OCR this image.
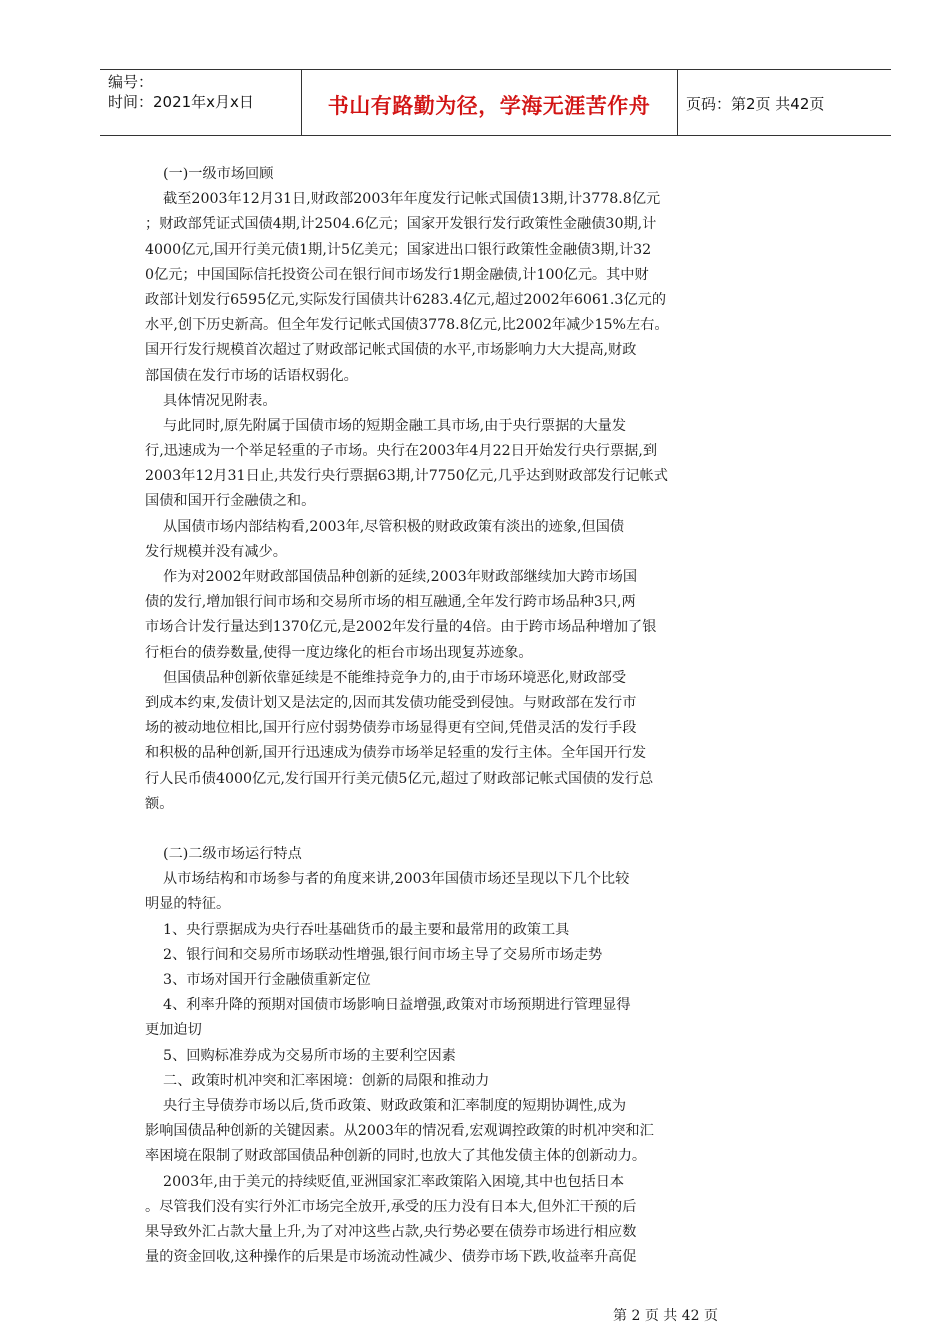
编号：
时间：2021年x月x日	书山有路勤为径，学海无涯苦作舟	页码：第2页 共42页
(一)一级市场回顾
截至2003年12月31日,财政部2003年年度发行记帐式国债13期,计3778.8亿元
；财政部凭证式国债4期,计2504.6亿元；国家开发银行发行政策性金融债30期,计
4000亿元,国开行美元债1期,计5亿美元；国家进出口银行政策性金融债3期,计32
0亿元；中国国际信托投资公司在银行间市场发行1期金融债,计100亿元。其中财
政部计划发行6595亿元,实际发行国债共计6283.4亿元,超过2002年6061.3亿元的
水平,创下历史新高。但全年发行记帐式国债3778.8亿元,比2002年减少15%左右。
国开行发行规模首次超过了财政部记帐式国债的水平,市场影响力大大提高,财政
部国债在发行市场的话语权弱化。
具体情况见附表。
与此同时,原先附属于国债市场的短期金融工具市场,由于央行票据的大量发
行,迅速成为一个举足轻重的子市场。央行在2003年4月22日开始发行央行票据,到
2003年12月31日止,共发行央行票据63期,计7750亿元,几乎达到财政部发行记帐式
国债和国开行金融债之和。
从国债市场内部结构看,2003年,尽管积极的财政政策有淡出的迹象,但国债
发行规模并没有减少。
作为对2002年财政部国债品种创新的延续,2003年财政部继续加大跨市场国
债的发行,增加银行间市场和交易所市场的相互融通,全年发行跨市场品种3只,两
市场合计发行量达到1370亿元,是2002年发行量的4倍。由于跨市场品种增加了银
行柜台的债券数量,使得一度边缘化的柜台市场出现复苏迹象。
但国债品种创新依靠延续是不能维持竞争力的,由于市场环境恶化,财政部受
到成本约束,发债计划又是法定的,因而其发债功能受到侵蚀。与财政部在发行市
场的被动地位相比,国开行应付弱势债券市场显得更有空间,凭借灵活的发行手段
和积极的品种创新,国开行迅速成为债券市场举足轻重的发行主体。全年国开行发
行人民币债4000亿元,发行国开行美元债5亿元,超过了财政部记帐式国债的发行总
额。
(二)二级市场运行特点
从市场结构和市场参与者的角度来讲,2003年国债市场还呈现以下几个比较
明显的特征。
1、央行票据成为央行吞吐基础货币的最主要和最常用的政策工具
2、银行间和交易所市场联动性增强,银行间市场主导了交易所市场走势
3、市场对国开行金融债重新定位
4、利率升降的预期对国债市场影响日益增强,政策对市场预期进行管理显得
更加迫切
5、回购标准券成为交易所市场的主要利空因素
二、政策时机冲突和汇率困境：创新的局限和推动力
央行主导债券市场以后,货币政策、财政政策和汇率制度的短期协调性,成为
影响国债品种创新的关键因素。从2003年的情况看,宏观调控政策的时机冲突和汇
率困境在限制了财政部国债品种创新的同时,也放大了其他发债主体的创新动力。
2003年,由于美元的持续贬值,亚洲国家汇率政策陷入困境,其中也包括日本
。尽管我们没有实行外汇市场完全放开,承受的压力没有日本大,但外汇干预的后
果导致外汇占款大量上升,为了对冲这些占款,央行势必要在债券市场进行相应数
量的资金回收,这种操作的后果是市场流动性减少、债券市场下跌,收益率升高促
第 2 页 共 42 页
